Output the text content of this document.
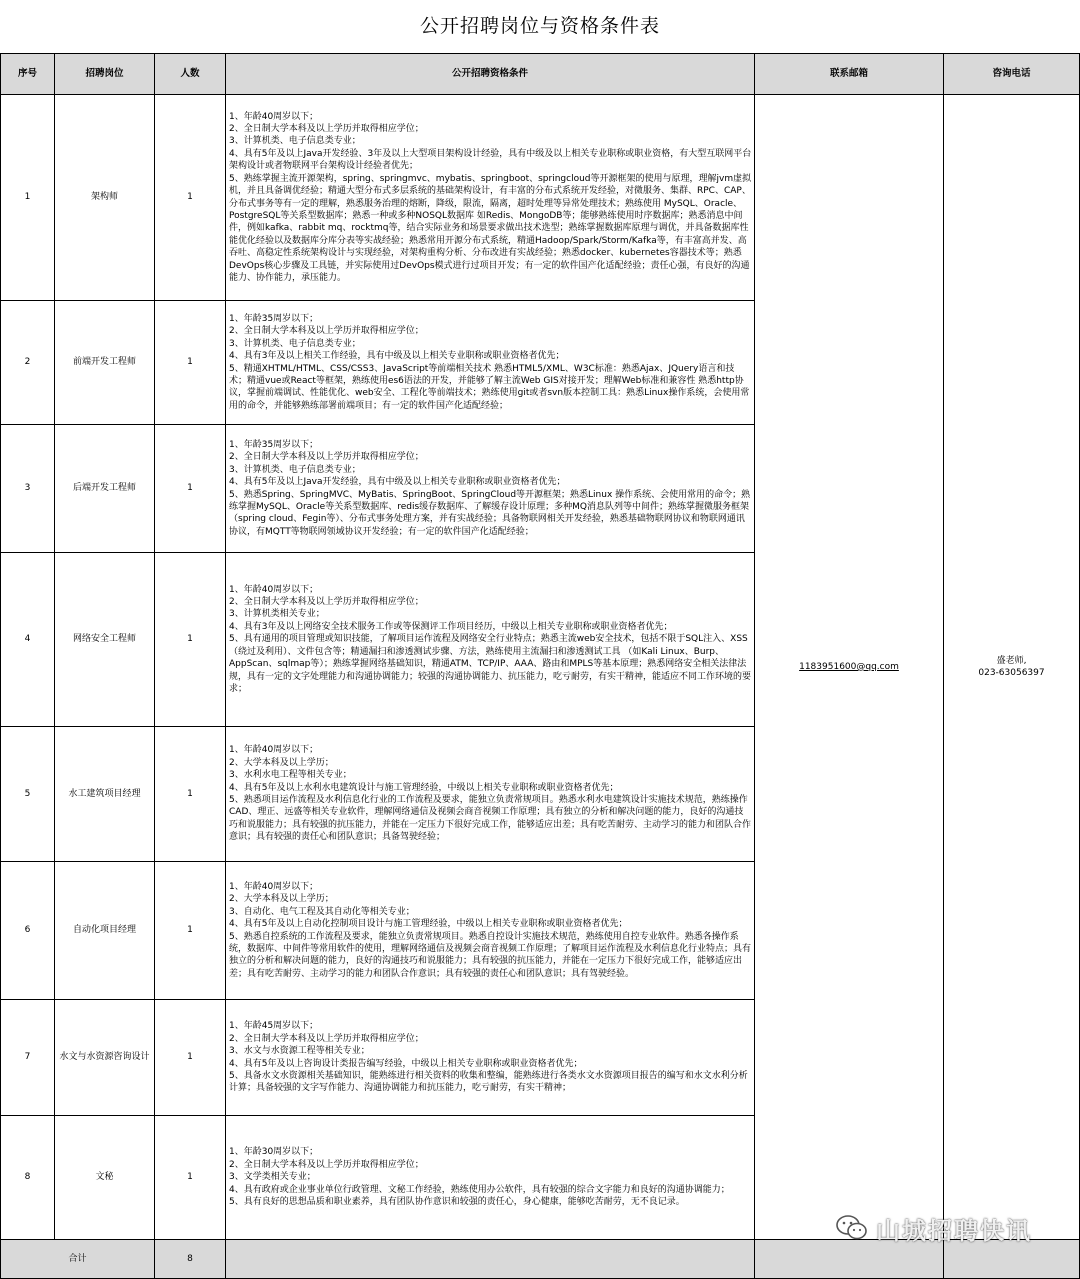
公开招聘岗位与资格条件表
序号	招聘岗位	人数	公开招聘资格条件	联系邮箱	咨询电话
1	架构师	1	1、年龄40周岁以下；
2、全日制大学本科及以上学历并取得相应学位；
3、计算机类、电子信息类专业；
4、具有5年及以上Java开发经验、3年及以上大型项目架构设计经验，具有中级及以上相关专业职称或职业资格，有大型互联网平台架构设计或者物联网平台架构设计经验者优先；
5、熟练掌握主流开源架构，spring、springmvc、mybatis、springboot、springcloud等开源框架的使用与原理，理解jvm虚拟机，并且具备调优经验；精通大型分布式多层系统的基础架构设计，有丰富的分布式系统开发经验，对微服务、集群、RPC、CAP、分布式事务等有一定的理解，熟悉服务治理的熔断，降级，限流，隔离，超时处理等异常处理技术；熟练使用 MySQL、Oracle、PostgreSQL等关系型数据库；熟悉一种或多种NOSQL数据库 如Redis、MongoDB等；能够熟练使用时序数据库；熟悉消息中间件，例如kafka、rabbit mq、rocktmq等，结合实际业务和场景要求做出技术选型；熟练掌握数据库原理与调优，并具备数据库性能优化经验以及数据库分库分表等实战经验；熟悉常用开源分布式系统，精通Hadoop/Spark/Storm/Kafka等，有丰富高并发、高吞吐、高稳定性系统架构设计与实现经验，对架构重构分析、分布改进有实战经验；熟悉docker、kubernetes容器技术等；熟悉DevOps核心步骤及工具链，并实际使用过DevOps模式进行过项目开发；有一定的软件国产化适配经验；责任心强，有良好的沟通能力、协作能力，承压能力。	1183951600@qq.com	盛老师,
023-63056397

2	前端开发工程师	1	1、年龄35周岁以下；
2、全日制大学本科及以上学历并取得相应学位；
3、计算机类、电子信息类专业；
4、具有3年及以上相关工作经验，具有中级及以上相关专业职称或职业资格者优先；
5、精通XHTML/HTML、CSS/CSS3、JavaScript等前端相关技术 熟悉HTML5/XML、W3C标准：熟悉Ajax、JQuery语言和技术；精通vue或React等框架，熟练使用es6语法的开发，并能够了解主流Web GIS对接开发；理解Web标准和兼容性 熟悉http协议，掌握前端调试、性能优化、web安全、工程化等前端技术；熟练使用git或者svn版本控制工具：熟悉Linux操作系统，会使用常用的命令，并能够熟练部署前端项目；有一定的软件国产化适配经验；		

3	后端开发工程师	1	1、年龄35周岁以下；
2、全日制大学本科及以上学历并取得相应学位；
3、计算机类、电子信息类专业；
4、具有5年及以上Java开发经验，具有中级及以上相关专业职称或职业资格者优先；
5、熟悉Spring、SpringMVC、MyBatis、SpringBoot、SpringCloud等开源框架；熟悉Linux 操作系统、会使用常用的命令；熟练掌握MySQL、Oracle等关系型数据库、redis缓存数据库、了解缓存设计原理；多种MQ消息队列等中间件；熟练掌握微服务框架（spring cloud、Fegin等）、分布式事务处理方案，并有实战经验；具备物联网相关开发经验，熟悉基础物联网协议和物联网通讯协议，有MQTT等物联网领域协议开发经验；有一定的软件国产化适配经验；		

4	网络安全工程师	1	1、年龄40周岁以下；
2、全日制大学本科及以上学历并取得相应学位；
3、计算机类相关专业；
4、具有3年及以上网络安全技术服务工作或等保测评工作项目经历，中级以上相关专业职称或职业资格者优先；
5、具有通用的项目管理或知识技能，了解项目运作流程及网络安全行业特点；熟悉主流web安全技术，包括不限于SQL注入、XSS（绕过及利用）、文件包含等；精通漏扫和渗透测试步骤、方法，熟练使用主流漏扫和渗透测试工具 （如Kali Linux、Burp、AppScan、sqlmap等）；熟练掌握网络基础知识，精通ATM、TCP/IP、AAA、路由和MPLS等基本原理；熟悉网络安全相关法律法规，具有一定的文字处理能力和沟通协调能力；较强的沟通协调能力、抗压能力，吃亏耐劳，有实干精神，能适应不同工作环境的要求；		

5	水工建筑项目经理	1	1、年龄40周岁以下；
2、大学本科及以上学历；
3、水利水电工程等相关专业；
4、具有5年及以上水利水电建筑设计与施工管理经验，中级以上相关专业职称或职业资格者优先；
5、熟悉项目运作流程及水利信息化行业的工作流程及要求，能独立负责常规项目。熟悉水利水电建筑设计实施技术规范，熟练操作CAD、理正、远盛等相关专业软件，理解网络通信及视频会商音视频工作原理；具有独立的分析和解决问题的能力，良好的沟通技巧和说服能力；具有较强的抗压能力，并能在一定压力下很好完成工作，能够适应出差；具有吃苦耐劳、主动学习的能力和团队合作意识；具有较强的责任心和团队意识；具备驾驶经验；		

6	自动化项目经理	1	1、年龄40周岁以下；
2、大学本科及以上学历；
3、自动化、电气工程及其自动化等相关专业；
4、具有5年及以上自动化控制项目设计与施工管理经验，中级以上相关专业职称或职业资格者优先；
5、熟悉自控系统的工作流程及要求，能独立负责常规项目。熟悉自控设计实施技术规范，熟练使用自控专业软件。熟悉各操作系统，数据库、中间件等常用软件的使用，理解网络通信及视频会商音视频工作原理；了解项目运作流程及水利信息化行业特点；具有独立的分析和解决问题的能力，良好的沟通技巧和说服能力；具有较强的抗压能力，并能在一定压力下很好完成工作，能够适应出差；具有吃苦耐劳、主动学习的能力和团队合作意识；具有较强的责任心和团队意识；具有驾驶经验。		

7	水文与水资源咨询设计	1	1、年龄45周岁以下；
2、全日制大学本科及以上学历并取得相应学位；
3、水文与水资源工程等相关专业；
4、具有5年及以上咨询设计类报告编写经验，中级以上相关专业职称或职业资格者优先；
5、具备水文水资源相关基础知识，能熟练进行相关资料的收集和整编，能熟练进行各类水文水资源项目报告的编写和水文水利分析计算；具备较强的文字写作能力、沟通协调能力和抗压能力，吃亏耐劳，有实干精神；		

8	文秘	1	1、年龄30周岁以下；
2、全日制大学本科及以上学历并取得相应学位；
3、文学类相关专业；
4、具有政府或企业事业单位行政管理、文秘工作经验，熟练使用办公软件，具有较强的综合文字能力和良好的沟通协调能力；
5、具有良好的思想品质和职业素养，具有团队协作意识和较强的责任心，身心健康，能够吃苦耐劳，无不良记录。		

合计		8			
山城招聘快讯
